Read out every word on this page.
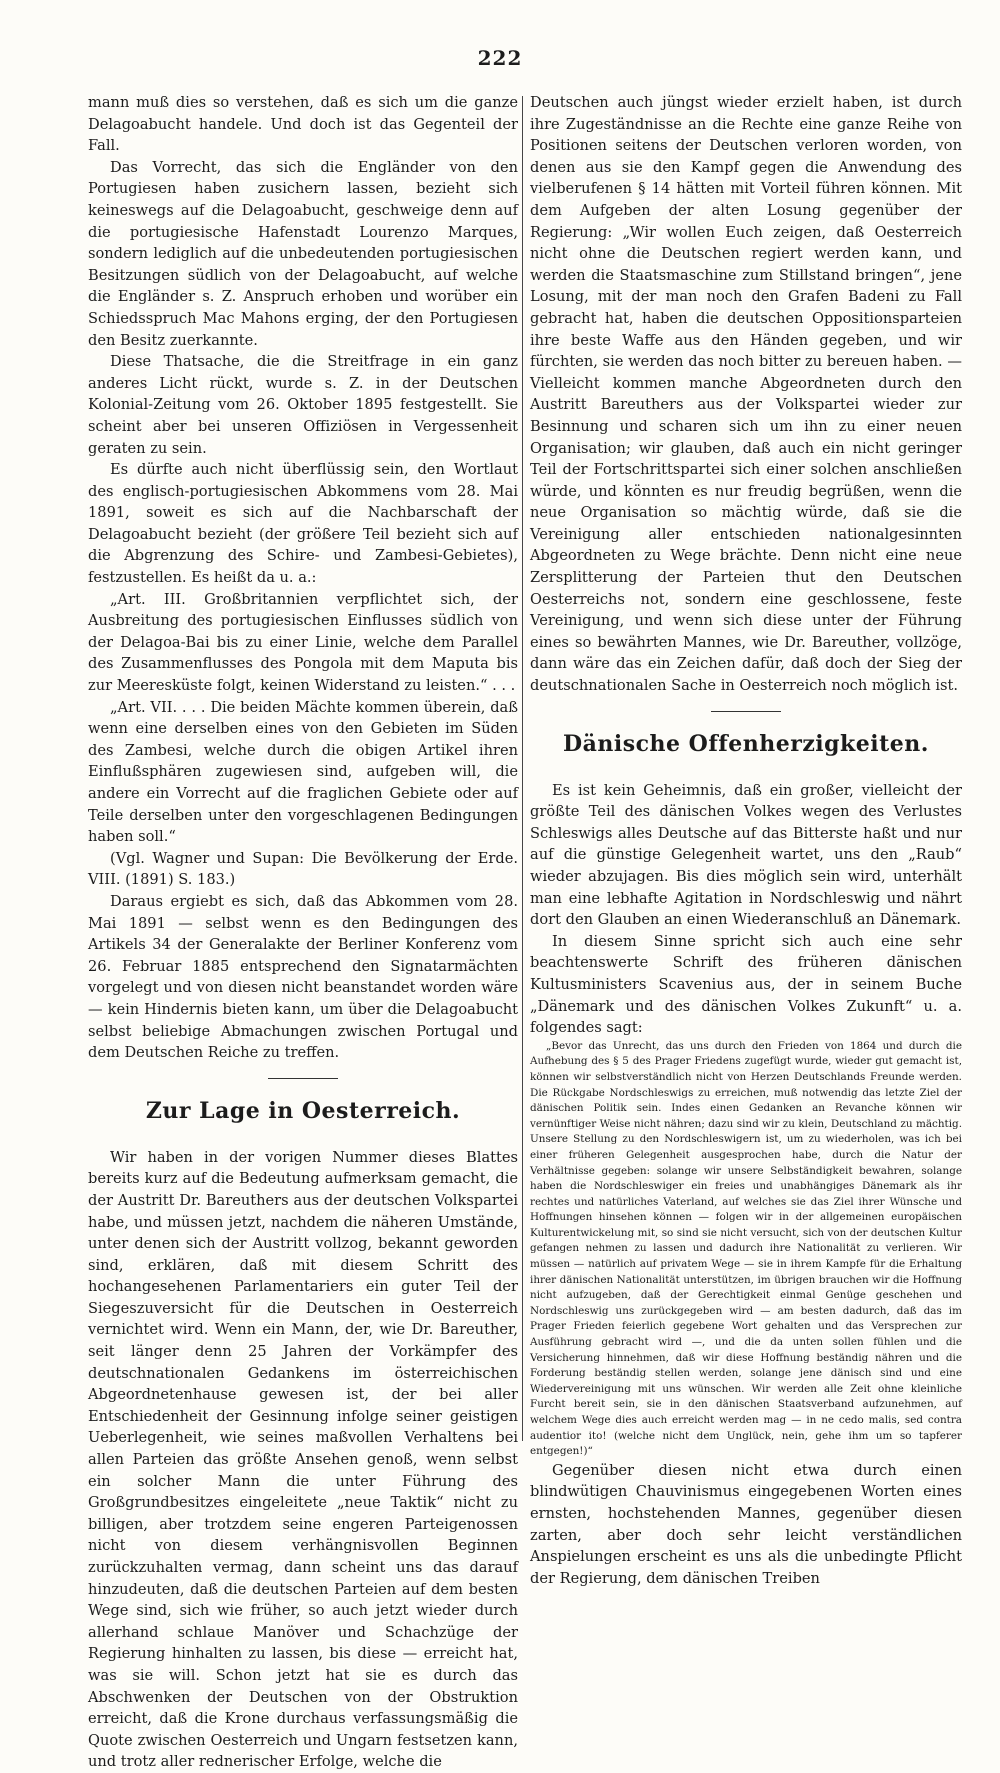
222

mann muß dies so verstehen, daß es sich um die ganze Delagoabucht handele. Und doch ist das Gegenteil der Fall.

Das Vorrecht, das sich die Engländer von den Portugiesen haben zusichern lassen, bezieht sich keineswegs auf die Delagoabucht, geschweige denn auf die portugiesische Hafenstadt Lourenzo Marques, sondern lediglich auf die unbedeutenden portugiesischen Besitzungen südlich von der Delagoabucht, auf welche die Engländer s. Z. Anspruch erhoben und worüber ein Schiedsspruch Mac Mahons erging, der den Portugiesen den Besitz zuerkannte.

Diese Thatsache, die die Streitfrage in ein ganz anderes Licht rückt, wurde s. Z. in der Deutschen Kolonial-Zeitung vom 26. Oktober 1895 festgestellt. Sie scheint aber bei unseren Offiziösen in Vergessenheit geraten zu sein.

Es dürfte auch nicht überflüssig sein, den Wortlaut des englisch-portugiesischen Abkommens vom 28. Mai 1891, soweit es sich auf die Nachbarschaft der Delagoabucht bezieht (der größere Teil bezieht sich auf die Abgrenzung des Schire- und Zambesi-Gebietes), festzustellen. Es heißt da u. a.:

„Art. III. Großbritannien verpflichtet sich, der Ausbreitung des portugiesischen Einflusses südlich von der Delagoa-Bai bis zu einer Linie, welche dem Parallel des Zusammenflusses des Pongola mit dem Maputa bis zur Meeresküste folgt, keinen Widerstand zu leisten.“ . . .

„Art. VII. . . . Die beiden Mächte kommen überein, daß wenn eine derselben eines von den Gebieten im Süden des Zambesi, welche durch die obigen Artikel ihren Einflußsphären zugewiesen sind, aufgeben will, die andere ein Vorrecht auf die fraglichen Gebiete oder auf Teile derselben unter den vorgeschlagenen Bedingungen haben soll.“

(Vgl. Wagner und Supan: Die Bevölkerung der Erde. VIII. (1891) S. 183.)

Daraus ergiebt es sich, daß das Abkommen vom 28. Mai 1891 — selbst wenn es den Bedingungen des Artikels 34 der Generalakte der Berliner Konferenz vom 26. Februar 1885 entsprechend den Signatarmächten vorgelegt und von diesen nicht beanstandet worden wäre — kein Hindernis bieten kann, um über die Delagoabucht selbst beliebige Abmachungen zwischen Portugal und dem Deutschen Reiche zu treffen.

Zur Lage in Oesterreich.

Wir haben in der vorigen Nummer dieses Blattes bereits kurz auf die Bedeutung aufmerksam gemacht, die der Austritt Dr. Bareuthers aus der deutschen Volkspartei habe, und müssen jetzt, nachdem die näheren Umstände, unter denen sich der Austritt vollzog, bekannt geworden sind, erklären, daß mit diesem Schritt des hochangesehenen Parlamentariers ein guter Teil der Siegeszuversicht für die Deutschen in Oesterreich vernichtet wird. Wenn ein Mann, der, wie Dr. Bareuther, seit länger denn 25 Jahren der Vorkämpfer des deutschnationalen Gedankens im österreichischen Abgeordnetenhause gewesen ist, der bei aller Entschiedenheit der Gesinnung infolge seiner geistigen Ueberlegenheit, wie seines maßvollen Verhaltens bei allen Parteien das größte Ansehen genoß, wenn selbst ein solcher Mann die unter Führung des Großgrundbesitzes eingeleitete „neue Taktik“ nicht zu billigen, aber trotzdem seine engeren Parteigenossen nicht von diesem verhängnisvollen Beginnen zurückzuhalten vermag, dann scheint uns das darauf hinzudeuten, daß die deutschen Parteien auf dem besten Wege sind, sich wie früher, so auch jetzt wieder durch allerhand schlaue Manöver und Schachzüge der Regierung hinhalten zu lassen, bis diese — erreicht hat, was sie will. Schon jetzt hat sie es durch das Abschwenken der Deutschen von der Obstruktion erreicht, daß die Krone durchaus verfassungsmäßig die Quote zwischen Oesterreich und Ungarn festsetzen kann, und trotz aller rednerischer Erfolge, welche die

Deutschen auch jüngst wieder erzielt haben, ist durch ihre Zugeständnisse an die Rechte eine ganze Reihe von Positionen seitens der Deutschen verloren worden, von denen aus sie den Kampf gegen die Anwendung des vielberufenen § 14 hätten mit Vorteil führen können. Mit dem Aufgeben der alten Losung gegenüber der Regierung: „Wir wollen Euch zeigen, daß Oesterreich nicht ohne die Deutschen regiert werden kann, und werden die Staatsmaschine zum Stillstand bringen“, jene Losung, mit der man noch den Grafen Badeni zu Fall gebracht hat, haben die deutschen Oppositionsparteien ihre beste Waffe aus den Händen gegeben, und wir fürchten, sie werden das noch bitter zu bereuen haben. — Vielleicht kommen manche Abgeordneten durch den Austritt Bareuthers aus der Volkspartei wieder zur Besinnung und scharen sich um ihn zu einer neuen Organisation; wir glauben, daß auch ein nicht geringer Teil der Fortschrittspartei sich einer solchen anschließen würde, und könnten es nur freudig begrüßen, wenn die neue Organisation so mächtig würde, daß sie die Vereinigung aller entschieden nationalgesinnten Abgeordneten zu Wege brächte. Denn nicht eine neue Zersplitterung der Parteien thut den Deutschen Oesterreichs not, sondern eine geschlossene, feste Vereinigung, und wenn sich diese unter der Führung eines so bewährten Mannes, wie Dr. Bareuther, vollzöge, dann wäre das ein Zeichen dafür, daß doch der Sieg der deutschnationalen Sache in Oesterreich noch möglich ist.

Dänische Offenherzigkeiten.

Es ist kein Geheimnis, daß ein großer, vielleicht der größte Teil des dänischen Volkes wegen des Verlustes Schleswigs alles Deutsche auf das Bitterste haßt und nur auf die günstige Gelegenheit wartet, uns den „Raub“ wieder abzujagen. Bis dies möglich sein wird, unterhält man eine lebhafte Agitation in Nordschleswig und nährt dort den Glauben an einen Wiederanschluß an Dänemark.

In diesem Sinne spricht sich auch eine sehr beachtenswerte Schrift des früheren dänischen Kultusministers Scavenius aus, der in seinem Buche „Dänemark und des dänischen Volkes Zukunft“ u. a. folgendes sagt:

„Bevor das Unrecht, das uns durch den Frieden von 1864 und durch die Aufhebung des § 5 des Prager Friedens zugefügt wurde, wieder gut gemacht ist, können wir selbstverständlich nicht von Herzen Deutschlands Freunde werden. Die Rückgabe Nordschleswigs zu erreichen, muß notwendig das letzte Ziel der dänischen Politik sein. Indes einen Gedanken an Revanche können wir vernünftiger Weise nicht nähren; dazu sind wir zu klein, Deutschland zu mächtig. Unsere Stellung zu den Nordschleswigern ist, um zu wiederholen, was ich bei einer früheren Gelegenheit ausgesprochen habe, durch die Natur der Verhältnisse gegeben: solange wir unsere Selbständigkeit bewahren, solange haben die Nordschleswiger ein freies und unabhängiges Dänemark als ihr rechtes und natürliches Vaterland, auf welches sie das Ziel ihrer Wünsche und Hoffnungen hinsehen können — folgen wir in der allgemeinen europäischen Kulturentwickelung mit, so sind sie nicht versucht, sich von der deutschen Kultur gefangen nehmen zu lassen und dadurch ihre Nationalität zu verlieren. Wir müssen — natürlich auf privatem Wege — sie in ihrem Kampfe für die Erhaltung ihrer dänischen Nationalität unterstützen, im übrigen brauchen wir die Hoffnung nicht aufzugeben, daß der Gerechtigkeit einmal Genüge geschehen und Nordschleswig uns zurückgegeben wird — am besten dadurch, daß das im Prager Frieden feierlich gegebene Wort gehalten und das Versprechen zur Ausführung gebracht wird —, und die da unten sollen fühlen und die Versicherung hinnehmen, daß wir diese Hoffnung beständig nähren und die Forderung beständig stellen werden, solange jene dänisch sind und eine Wiedervereinigung mit uns wünschen. Wir werden alle Zeit ohne kleinliche Furcht bereit sein, sie in den dänischen Staatsverband aufzunehmen, auf welchem Wege dies auch erreicht werden mag — in ne cedo malis, sed contra audentior ito! (welche nicht dem Unglück, nein, gehe ihm um so tapferer entgegen!)“

Gegenüber diesen nicht etwa durch einen blindwütigen Chauvinismus eingegebenen Worten eines ernsten, hochstehenden Mannes, gegenüber diesen zarten, aber doch sehr leicht verständlichen Anspielungen erscheint es uns als die unbedingte Pflicht der Regierung, dem dänischen Treiben
